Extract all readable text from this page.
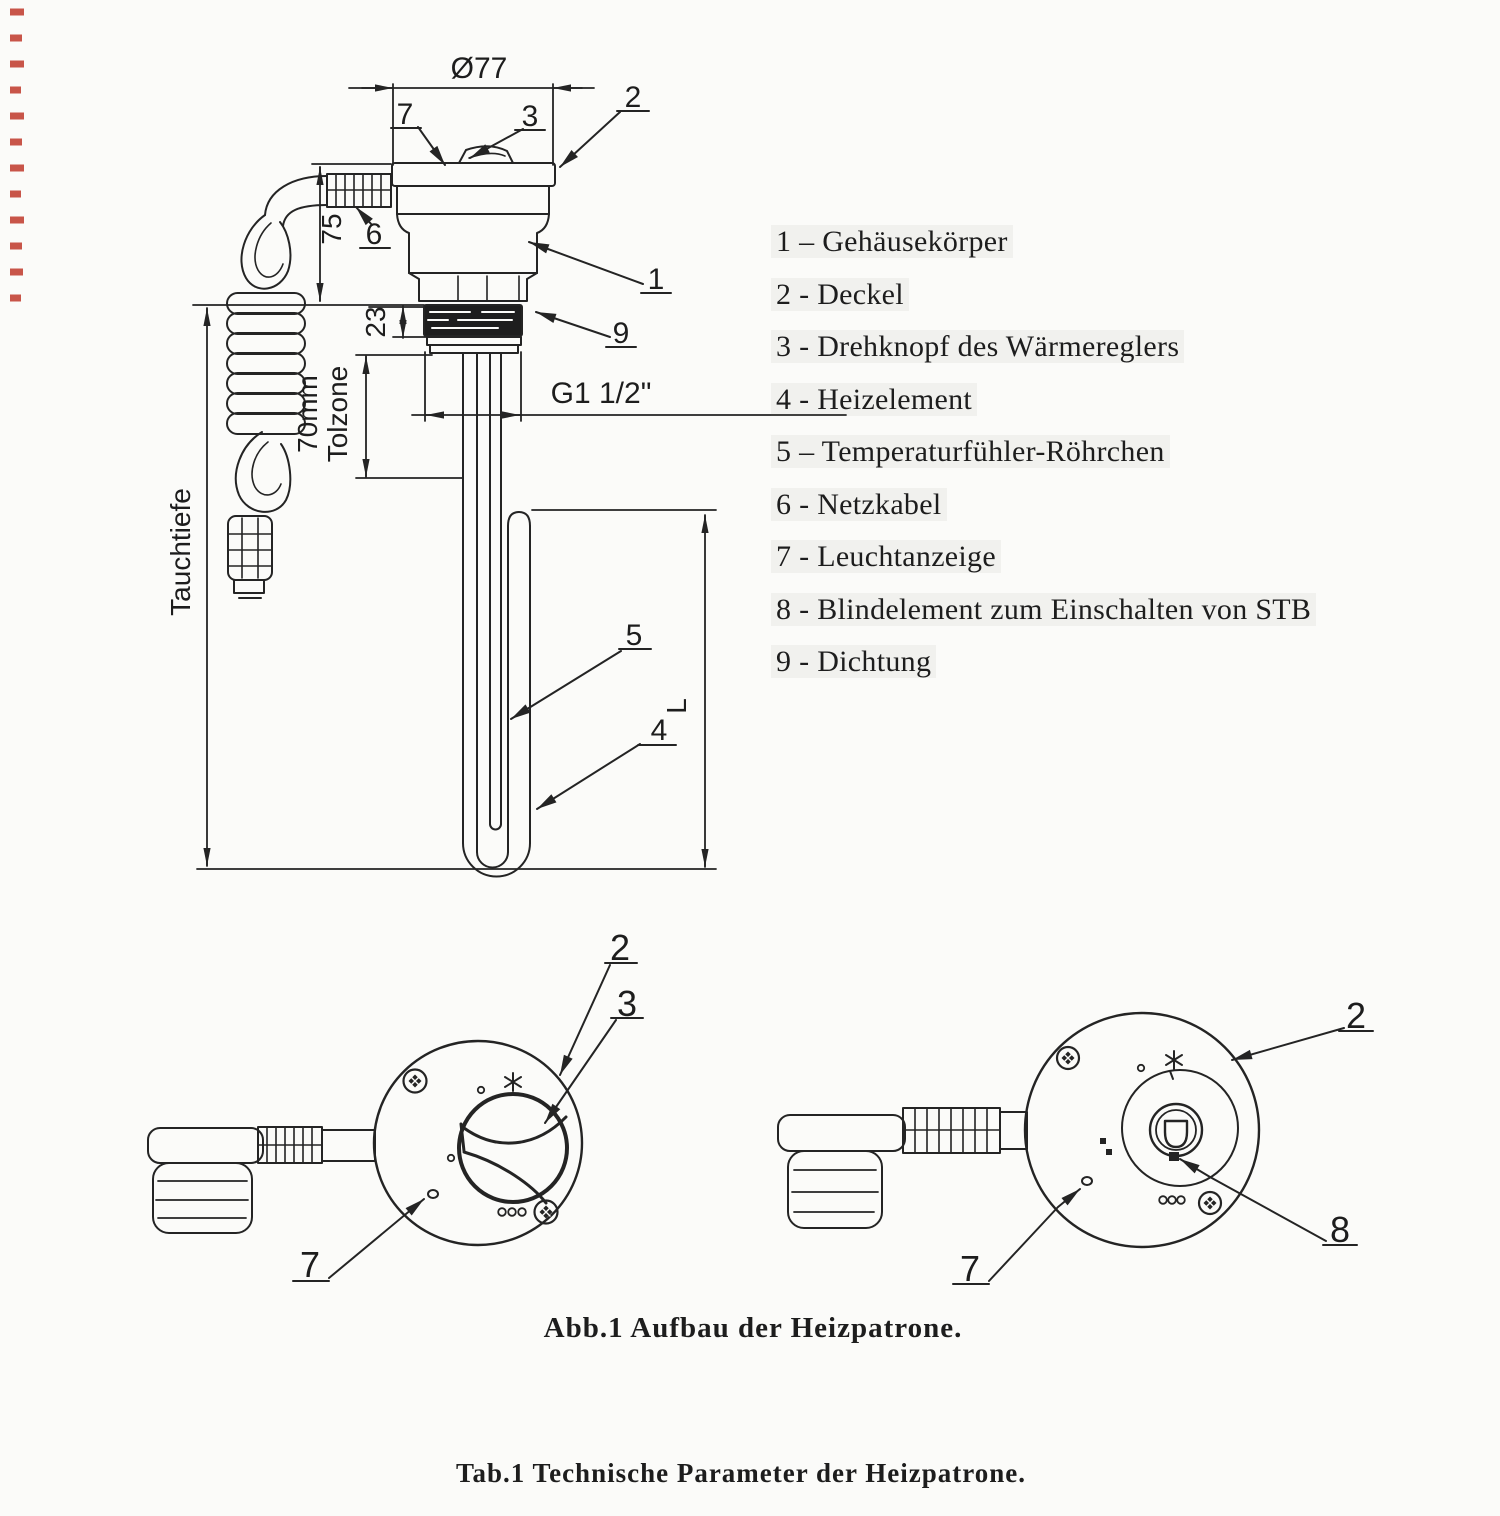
Ø77
75
Tauchtiefe
70mm Tolzone
23
G1 1/2"
L
7	3
2
6
1
9
5
4
2
3
7
2
8
7
1 – Gehäusekörper
2 - Deckel
3 - Drehknopf des Wärmereglers
4 - Heizelement
5 – Temperaturfühler-Röhrchen
6 - Netzkabel
7 - Leuchtanzeige
8 - Blindelement zum Einschalten von STB
9 - Dichtung
Abb.1 Aufbau der Heizpatrone.
Tab.1 Technische Parameter der Heizpatrone.
